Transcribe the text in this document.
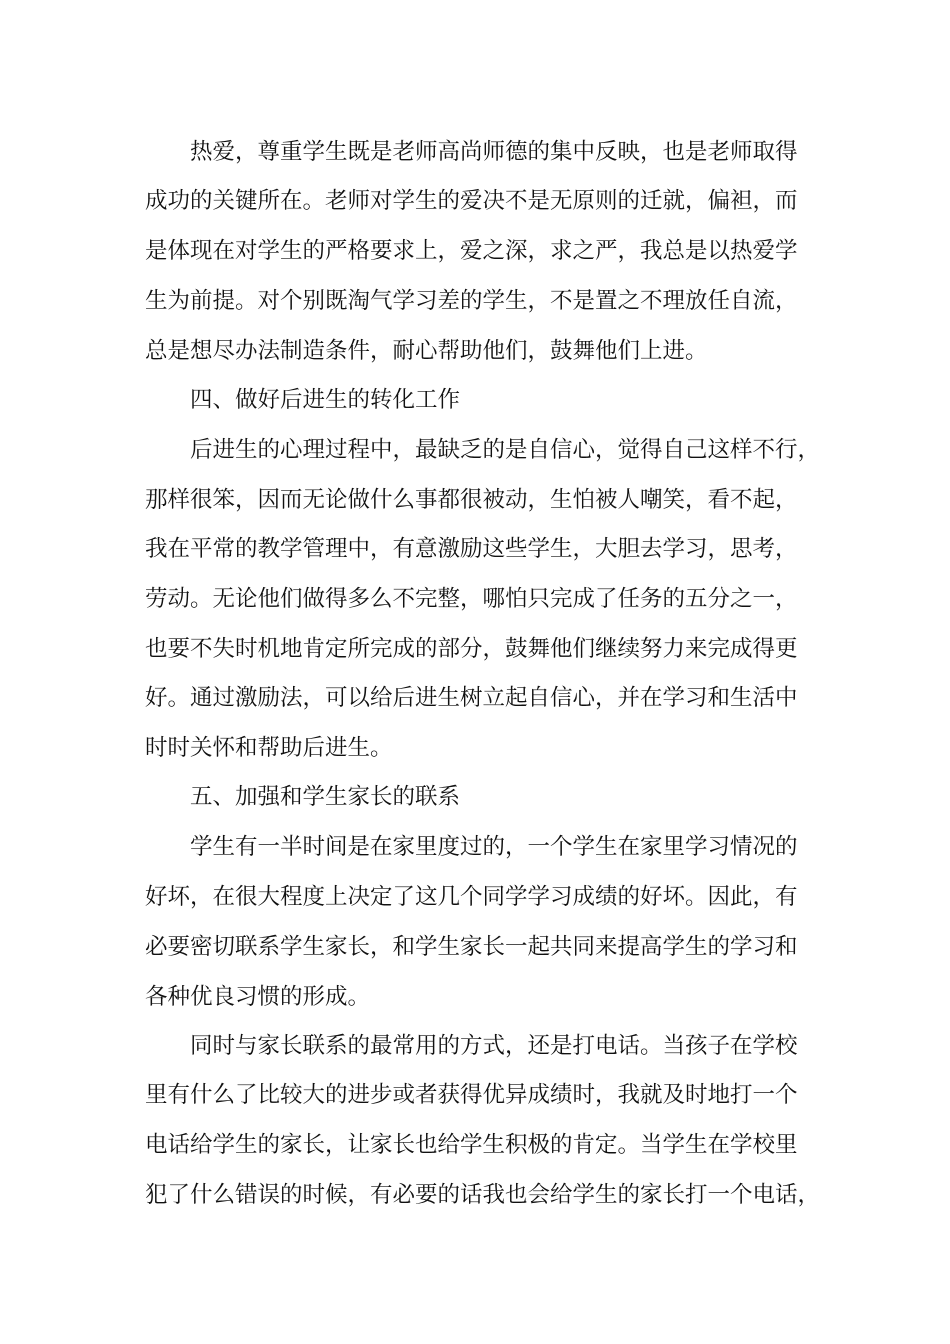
热爱，尊重学生既是老师高尚师德的集中反映，也是老师取得
成功的关键所在。老师对学生的爱决不是无原则的迁就，偏袒，而
是体现在对学生的严格要求上，爱之深，求之严，我总是以热爱学
生为前提。对个别既淘气学习差的学生，不是置之不理放任自流，
总是想尽办法制造条件，耐心帮助他们，鼓舞他们上进。
四、做好后进生的转化工作
后进生的心理过程中，最缺乏的是自信心，觉得自己这样不行，
那样很笨，因而无论做什么事都很被动，生怕被人嘲笑，看不起，
我在平常的教学管理中，有意激励这些学生，大胆去学习，思考，
劳动。无论他们做得多么不完整，哪怕只完成了任务的五分之一，
也要不失时机地肯定所完成的部分，鼓舞他们继续努力来完成得更
好。通过激励法，可以给后进生树立起自信心，并在学习和生活中
时时关怀和帮助后进生。
五、加强和学生家长的联系
学生有一半时间是在家里度过的，一个学生在家里学习情况的
好坏，在很大程度上决定了这几个同学学习成绩的好坏。因此，有
必要密切联系学生家长，和学生家长一起共同来提高学生的学习和
各种优良习惯的形成。
同时与家长联系的最常用的方式，还是打电话。当孩子在学校
里有什么了比较大的进步或者获得优异成绩时，我就及时地打一个
电话给学生的家长，让家长也给学生积极的肯定。当学生在学校里
犯了什么错误的时候，有必要的话我也会给学生的家长打一个电话，
